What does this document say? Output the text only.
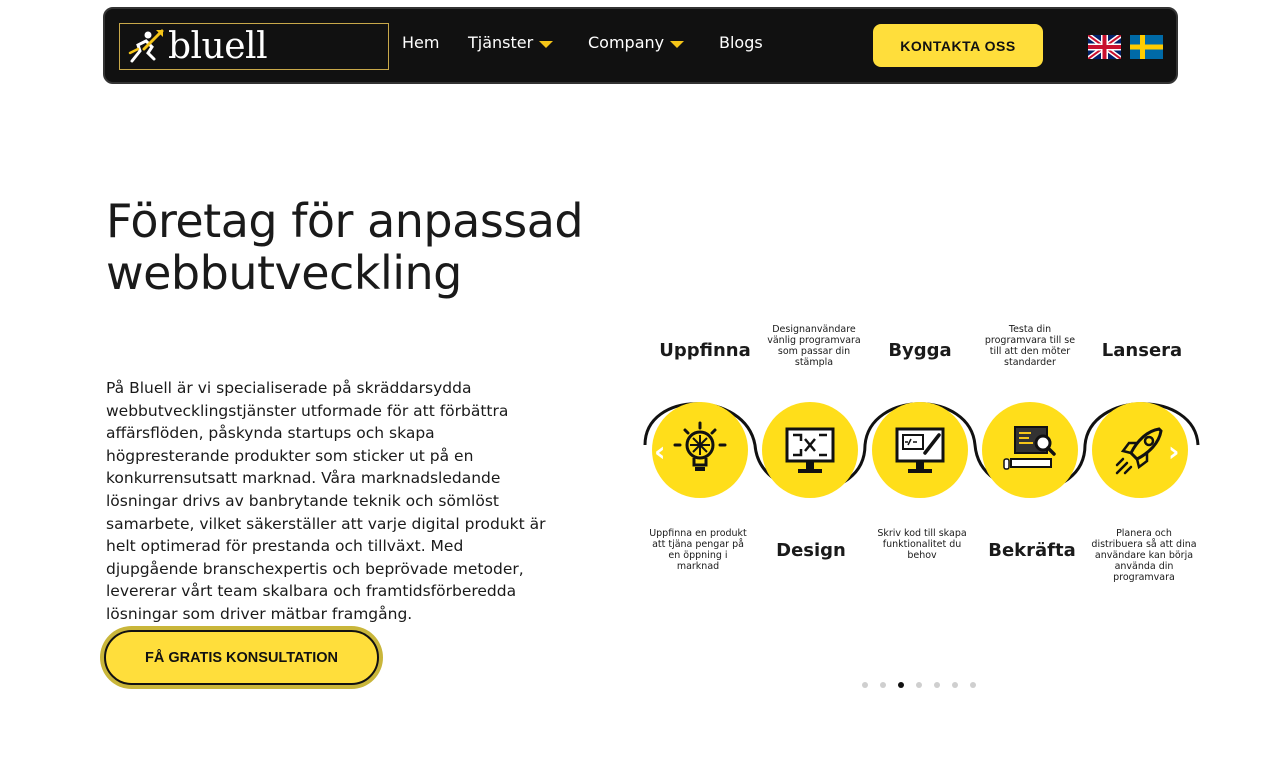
bluell	Hem Tjänster	Company	Blogs	KONTAKTA OSS
Företag för anpassad webbutveckling

På Bluell är vi specialiserade på skräddarsydda webbutvecklingstjänster utformade för att förbättra affärsflöden, påskynda startups och skapa högpresterande produkter som sticker ut på en konkurrensutsatt marknad. Våra marknadsledande lösningar drivs av banbrytande teknik och sömlöst samarbete, vilket säkerställer att varje digital produkt är helt optimerad för prestanda och tillväxt. Med djupgående branschexpertis och beprövade metoder, levererar vårt team skalbara och framtidsförberedda lösningar som driver mätbar framgång.

FÅ GRATIS KONSULTATION
Uppfinna
Designanvändare vänlig programvara som passar din stämpla
Bygga
Testa din programvara till se till att den möter standarder
Lansera
‹	›
Uppfinna en produkt att tjäna pengar på en öppning i marknad
Design
Skriv kod till skapa funktionalitet du behov	Bekräfta
Planera och distribuera så att dina användare kan börja använda din programvara
